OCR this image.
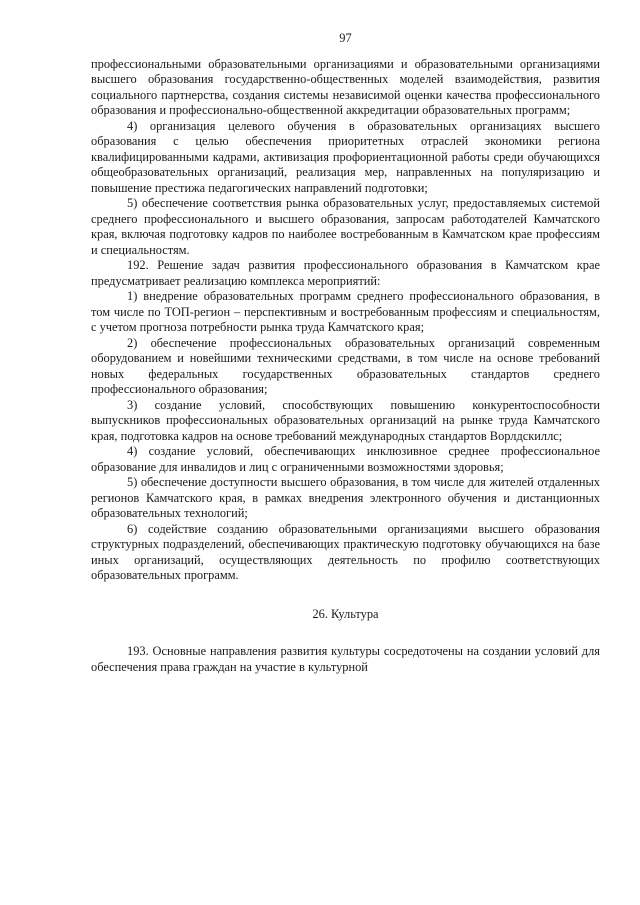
97

профессиональными образовательными организациями и образовательными организациями высшего образования государственно-общественных моделей взаимодействия, развития социального партнерства, создания системы независимой оценки качества профессионального образования и профессионально-общественной аккредитации образовательных программ;

4) организация целевого обучения в образовательных организациях высшего образования с целью обеспечения приоритетных отраслей экономики региона квалифицированными кадрами, активизация профориентационной работы среди обучающихся общеобразовательных организаций, реализация мер, направленных на популяризацию и повышение престижа педагогических направлений подготовки;

5) обеспечение соответствия рынка образовательных услуг, предоставляемых системой среднего профессионального и высшего образования, запросам работодателей Камчатского края, включая подготовку кадров по наиболее востребованным в Камчатском крае профессиям и специальностям.

192. Решение задач развития профессионального образования в Камчатском крае предусматривает реализацию комплекса мероприятий:

1) внедрение образовательных программ среднего профессионального образования, в том числе по ТОП-регион – перспективным и востребованным профессиям и специальностям, с учетом прогноза потребности рынка труда Камчатского края;

2) обеспечение профессиональных образовательных организаций современным оборудованием и новейшими техническими средствами, в том числе на основе требований новых федеральных государственных образовательных стандартов среднего профессионального образования;

3) создание условий, способствующих повышению конкурентоспособности выпускников профессиональных образовательных организаций на рынке труда Камчатского края, подготовка кадров на основе требований международных стандартов Ворлдскиллс;

4) создание условий, обеспечивающих инклюзивное среднее профессиональное образование для инвалидов и лиц с ограниченными возможностями здоровья;

5) обеспечение доступности высшего образования, в том числе для жителей отдаленных регионов Камчатского края, в рамках внедрения электронного обучения и дистанционных образовательных технологий;

6) содействие созданию образовательными организациями высшего образования структурных подразделений, обеспечивающих практическую подготовку обучающихся на базе иных организаций, осуществляющих деятельность по профилю соответствующих образовательных программ.

26. Культура

193. Основные направления развития культуры сосредоточены на создании условий для обеспечения права граждан на участие в культурной
